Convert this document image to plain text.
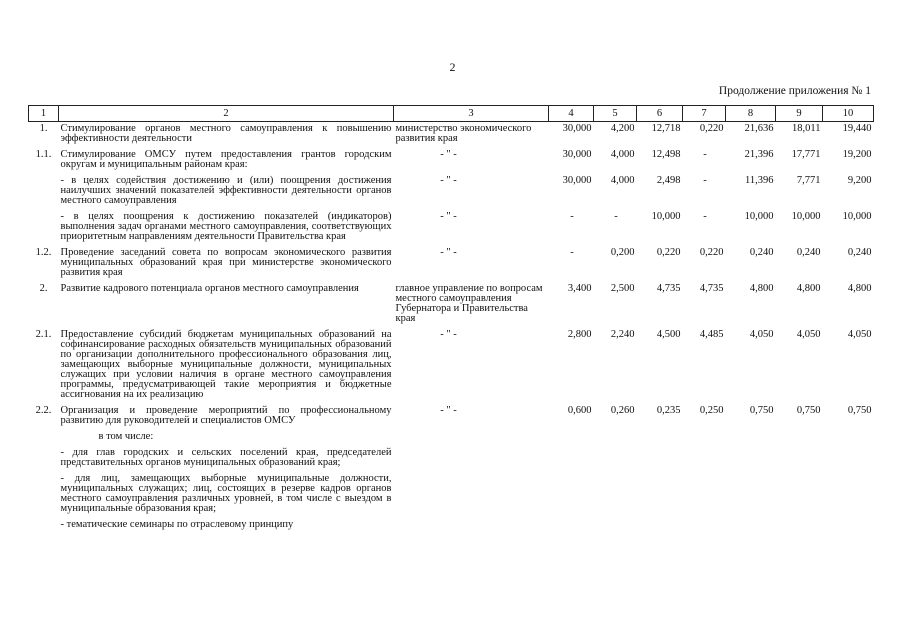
2
Продолжение приложения № 1
1	2	3	4	5	6	7	8	9	10
1.	Стимулирование органов местного самоуправления к повышению эффективности деятельности	министерство экономического развития края	30,000	4,200	12,718	0,220	21,636	18,011	19,440
1.1.	Стимулирование ОМСУ путем предоставления грантов городским округам и муниципальным районам края:	- " -	30,000	4,000	12,498	-	21,396	17,771	19,200
	- в целях содействия достижению и (или) поощрения достижения наилучших значений показателей эффективности деятельности органов местного самоуправления	- " -	30,000	4,000	2,498	-	11,396	7,771	9,200
	- в целях поощрения к достижению показателей (индикаторов) выполнения задач органами местного самоуправления, соответствующих приоритетным направлениям деятельности Правительства края	- " -	-	-	10,000	-	10,000	10,000	10,000
1.2.	Проведение заседаний совета по вопросам экономического развития муниципальных образований края при министерстве экономического развития края	- " -	-	0,200	0,220	0,220	0,240	0,240	0,240
2.	Развитие кадрового потенциала органов местного самоуправления	главное управление по вопросам местного самоуправления Губернатора и Правительства края	3,400	2,500	4,735	4,735	4,800	4,800	4,800
2.1.	Предоставление субсидий бюджетам муниципальных образований на софинансирование расходных обязательств муниципальных образований по организации дополнительного профессионального образования лиц, замещающих выборные муниципальные должности, муниципальных служащих при условии наличия в органе местного самоуправления программы, предусматривающей такие мероприятия и бюджетные ассигнования на их реализацию	- " -	2,800	2,240	4,500	4,485	4,050	4,050	4,050
2.2.	Организация и проведение мероприятий по профессиональному развитию для руководителей и специалистов ОМСУ	- " -	0,600	0,260	0,235	0,250	0,750	0,750	0,750
	в том числе:								
	- для глав городских и сельских поселений края, председателей представительных органов муниципальных образований края;								
	- для лиц, замещающих выборные муниципальные должности, муниципальных служащих; лиц, состоящих в резерве кадров органов местного самоуправления различных уровней, в том числе с выездом в муниципальные образования края;								
	- тематические семинары по отраслевому принципу								
